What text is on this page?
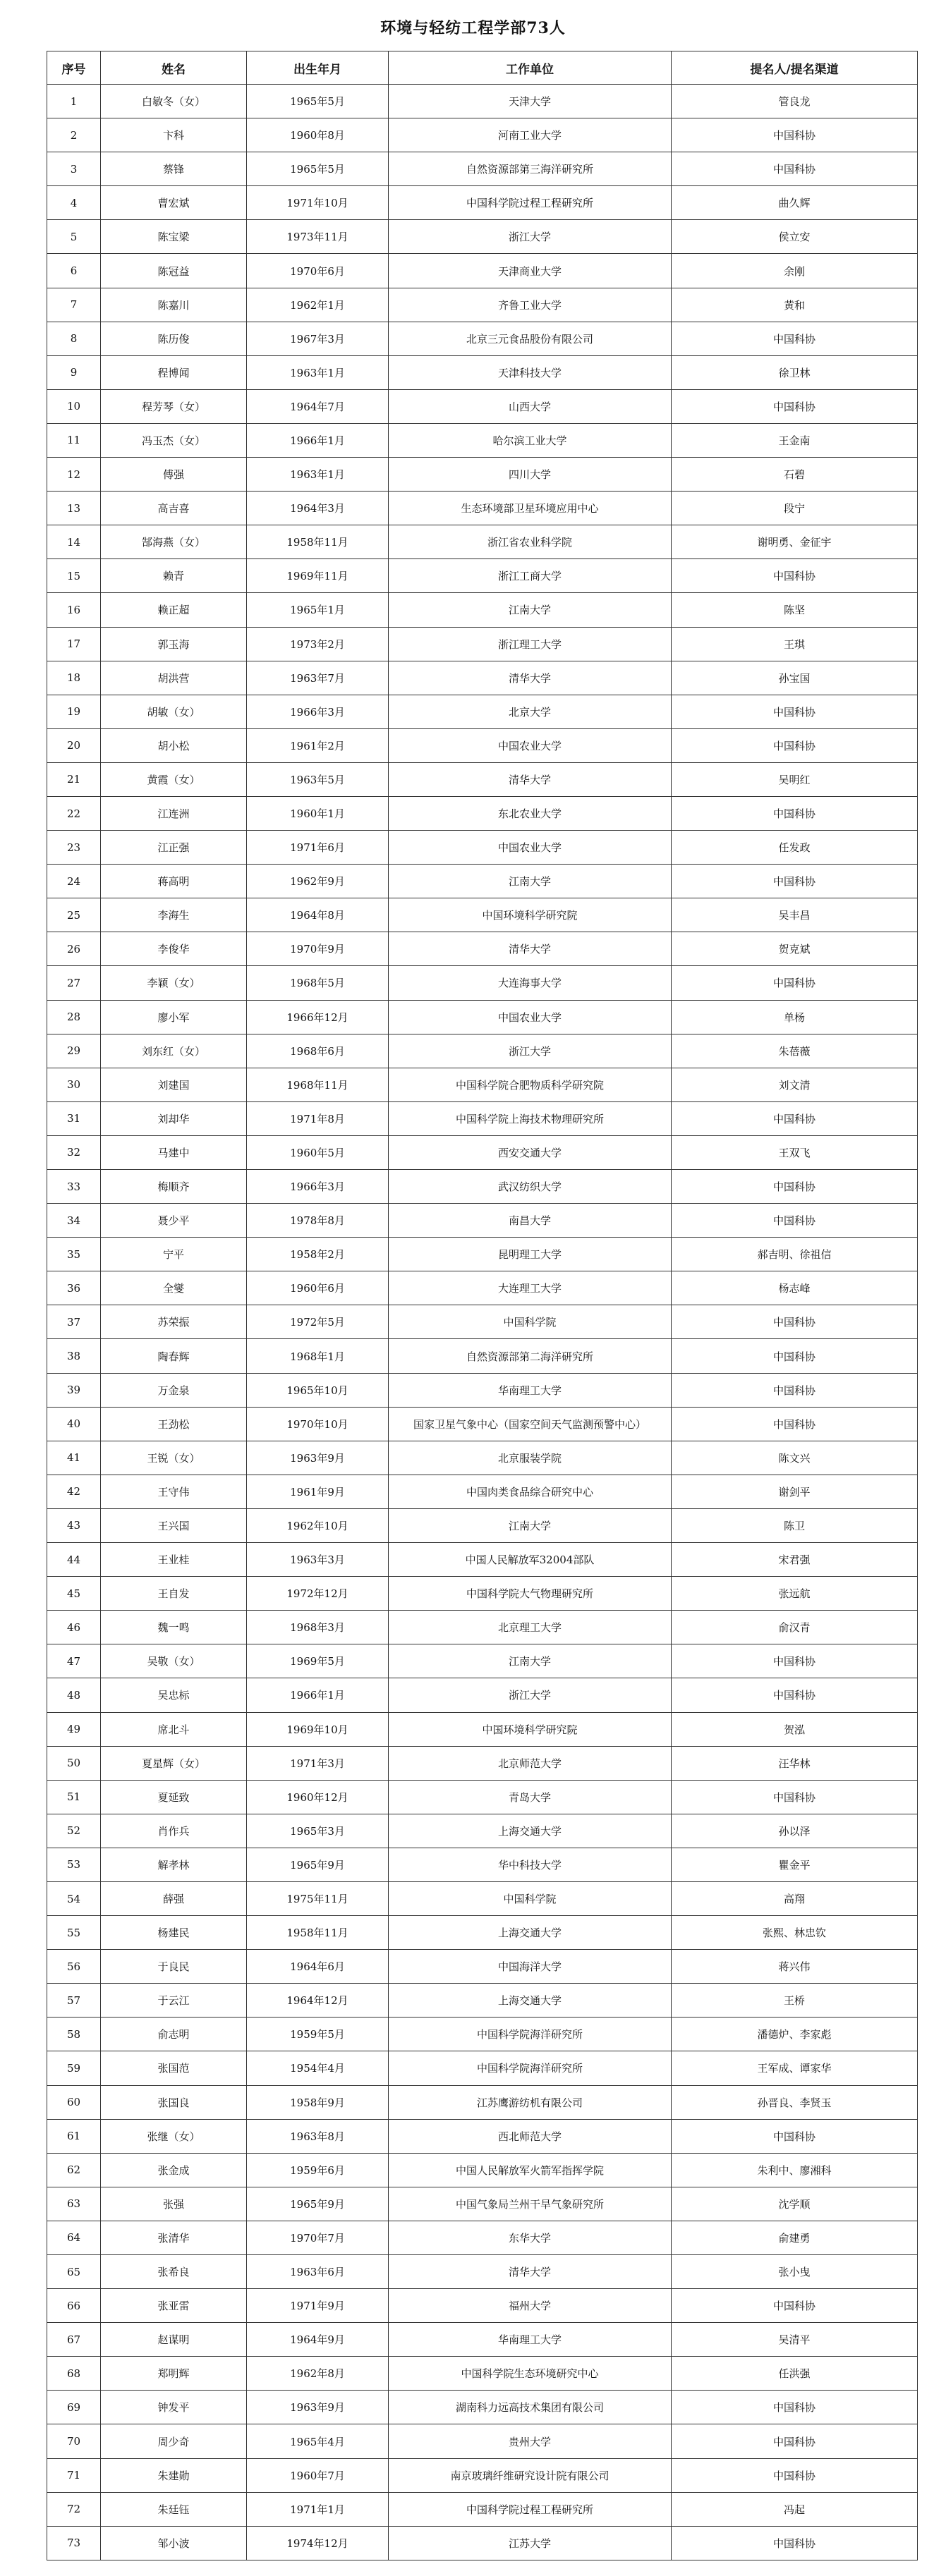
环境与轻纺工程学部73人
序号	姓名	出生年月	工作单位	提名人/提名渠道
1	白敏冬（女）	1965年5月	天津大学	管良龙
2	卞科	1960年8月	河南工业大学	中国科协
3	蔡锋	1965年5月	自然资源部第三海洋研究所	中国科协
4	曹宏斌	1971年10月	中国科学院过程工程研究所	曲久辉
5	陈宝梁	1973年11月	浙江大学	侯立安
6	陈冠益	1970年6月	天津商业大学	余刚
7	陈嘉川	1962年1月	齐鲁工业大学	黄和
8	陈历俊	1967年3月	北京三元食品股份有限公司	中国科协
9	程博闻	1963年1月	天津科技大学	徐卫林
10	程芳琴（女）	1964年7月	山西大学	中国科协
11	冯玉杰（女）	1966年1月	哈尔滨工业大学	王金南
12	傅强	1963年1月	四川大学	石碧
13	高吉喜	1964年3月	生态环境部卫星环境应用中心	段宁
14	郜海燕（女）	1958年11月	浙江省农业科学院	谢明勇、金征宇
15	赖青	1969年11月	浙江工商大学	中国科协
16	赖正超	1965年1月	江南大学	陈坚
17	郭玉海	1973年2月	浙江理工大学	王琪
18	胡洪营	1963年7月	清华大学	孙宝国
19	胡敏（女）	1966年3月	北京大学	中国科协
20	胡小松	1961年2月	中国农业大学	中国科协
21	黄霞（女）	1963年5月	清华大学	吴明红
22	江连洲	1960年1月	东北农业大学	中国科协
23	江正强	1971年6月	中国农业大学	任发政
24	蒋高明	1962年9月	江南大学	中国科协
25	李海生	1964年8月	中国环境科学研究院	吴丰昌
26	李俊华	1970年9月	清华大学	贺克斌
27	李颖（女）	1968年5月	大连海事大学	中国科协
28	廖小军	1966年12月	中国农业大学	单杨
29	刘东红（女）	1968年6月	浙江大学	朱蓓薇
30	刘建国	1968年11月	中国科学院合肥物质科学研究院	刘文清
31	刘却华	1971年8月	中国科学院上海技术物理研究所	中国科协
32	马建中	1960年5月	西安交通大学	王双飞
33	梅顺齐	1966年3月	武汉纺织大学	中国科协
34	聂少平	1978年8月	南昌大学	中国科协
35	宁平	1958年2月	昆明理工大学	郝吉明、徐祖信
36	全燮	1960年6月	大连理工大学	杨志峰
37	苏荣振	1972年5月	中国科学院	中国科协
38	陶春辉	1968年1月	自然资源部第二海洋研究所	中国科协
39	万金泉	1965年10月	华南理工大学	中国科协
40	王劲松	1970年10月	国家卫星气象中心（国家空间天气监测预警中心）	中国科协
41	王锐（女）	1963年9月	北京服装学院	陈文兴
42	王守伟	1961年9月	中国肉类食品综合研究中心	谢剑平
43	王兴国	1962年10月	江南大学	陈卫
44	王业桂	1963年3月	中国人民解放军32004部队	宋君强
45	王自发	1972年12月	中国科学院大气物理研究所	张远航
46	魏一鸣	1968年3月	北京理工大学	俞汉青
47	吴敬（女）	1969年5月	江南大学	中国科协
48	吴忠标	1966年1月	浙江大学	中国科协
49	席北斗	1969年10月	中国环境科学研究院	贺泓
50	夏星辉（女）	1971年3月	北京师范大学	汪华林
51	夏延致	1960年12月	青岛大学	中国科协
52	肖作兵	1965年3月	上海交通大学	孙以泽
53	解孝林	1965年9月	华中科技大学	瞿金平
54	薛强	1975年11月	中国科学院	高翔
55	杨建民	1958年11月	上海交通大学	张熙、林忠钦
56	于良民	1964年6月	中国海洋大学	蒋兴伟
57	于云江	1964年12月	上海交通大学	王桥
58	俞志明	1959年5月	中国科学院海洋研究所	潘德炉、李家彪
59	张国范	1954年4月	中国科学院海洋研究所	王军成、谭家华
60	张国良	1958年9月	江苏鹰游纺机有限公司	孙晋良、李贤玉
61	张继（女）	1963年8月	西北师范大学	中国科协
62	张金成	1959年6月	中国人民解放军火箭军指挥学院	朱利中、廖湘科
63	张强	1965年9月	中国气象局兰州干旱气象研究所	沈学顺
64	张清华	1970年7月	东华大学	俞建勇
65	张希良	1963年6月	清华大学	张小曳
66	张亚雷	1971年9月	福州大学	中国科协
67	赵谋明	1964年9月	华南理工大学	吴清平
68	郑明辉	1962年8月	中国科学院生态环境研究中心	任洪强
69	钟发平	1963年9月	湖南科力远高技术集团有限公司	中国科协
70	周少奇	1965年4月	贵州大学	中国科协
71	朱建勋	1960年7月	南京玻璃纤维研究设计院有限公司	中国科协
72	朱廷钰	1971年1月	中国科学院过程工程研究所	冯起
73	邹小波	1974年12月	江苏大学	中国科协
